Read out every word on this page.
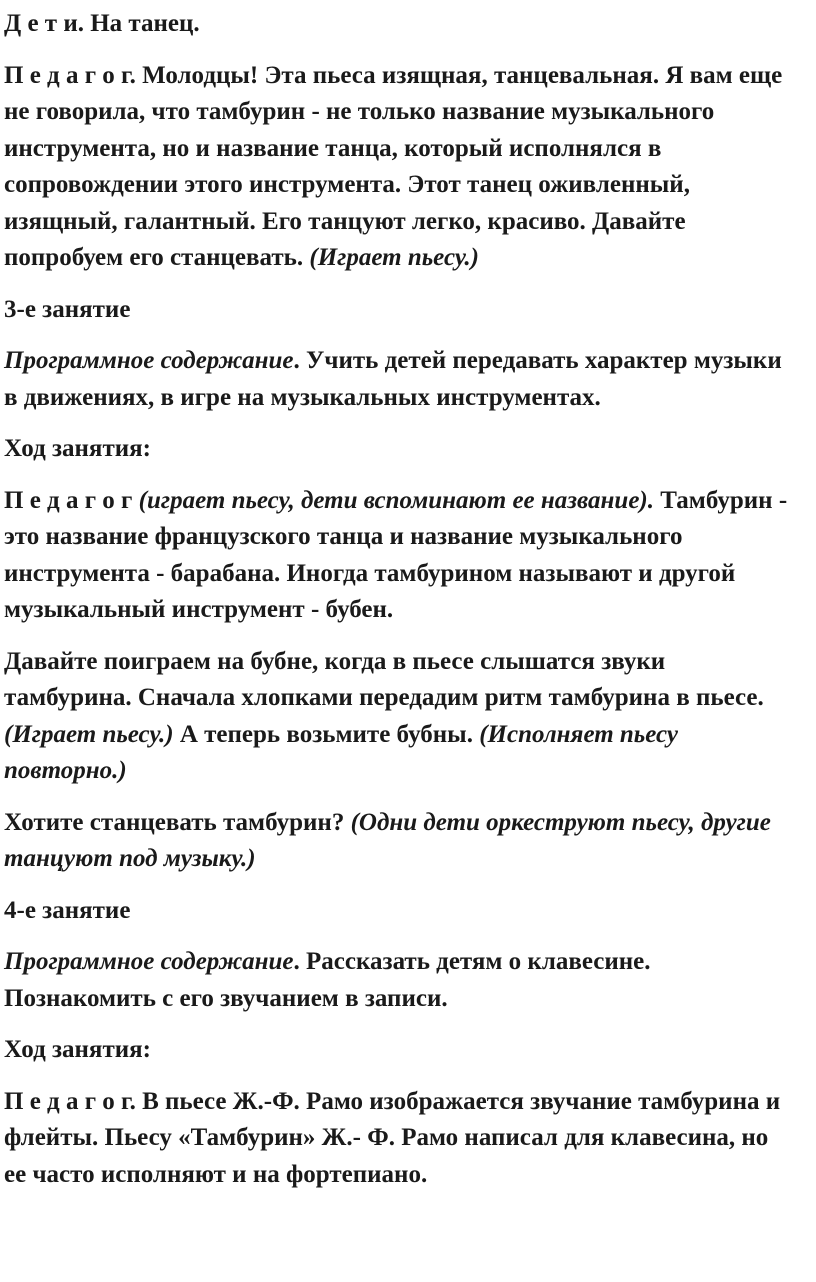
Д е т и. На танец.

П е д а г о г. Молодцы! Эта пьеса изящная, танцевальная. Я вам еще не говорила, что тамбурин - не только название музыкального инструмента, но и название танца, который исполнялся в сопровождении этого инструмента. Этот танец оживленный, изящный, галантный. Его танцуют легко, красиво. Давайте попробуем его станцевать. (Играет пьесу.)

3-е занятие

Программное содержание. Учить детей передавать характер музыки в движениях, в игре на музыкальных инструментах.

Ход занятия:

П е д а г о г (играет пьесу, дети вспоминают ее название). Тамбурин - это название французского танца и название музыкального инструмента - барабана. Иногда тамбурином называют и другой музыкальный инструмент - бубен.

Давайте поиграем на бубне, когда в пьесе слышатся звуки тамбурина. Сначала хлопками передадим ритм тамбурина в пьесе. (Играет пьесу.) А теперь возьмите бубны. (Исполняет пьесу повторно.)

Хотите станцевать тамбурин? (Одни дети оркеструют пьесу, другие танцуют под музыку.)

4-е занятие

Программное содержание. Рассказать детям о клавесине. Познакомить с его звучанием в записи.

Ход занятия:

П е д а г о г. В пьесе Ж.-Ф. Рамо изображается звучание тамбурина и флейты. Пьесу «Тамбурин» Ж.- Ф. Рамо написал для клавесина, но ее часто исполняют и на фортепиано.
